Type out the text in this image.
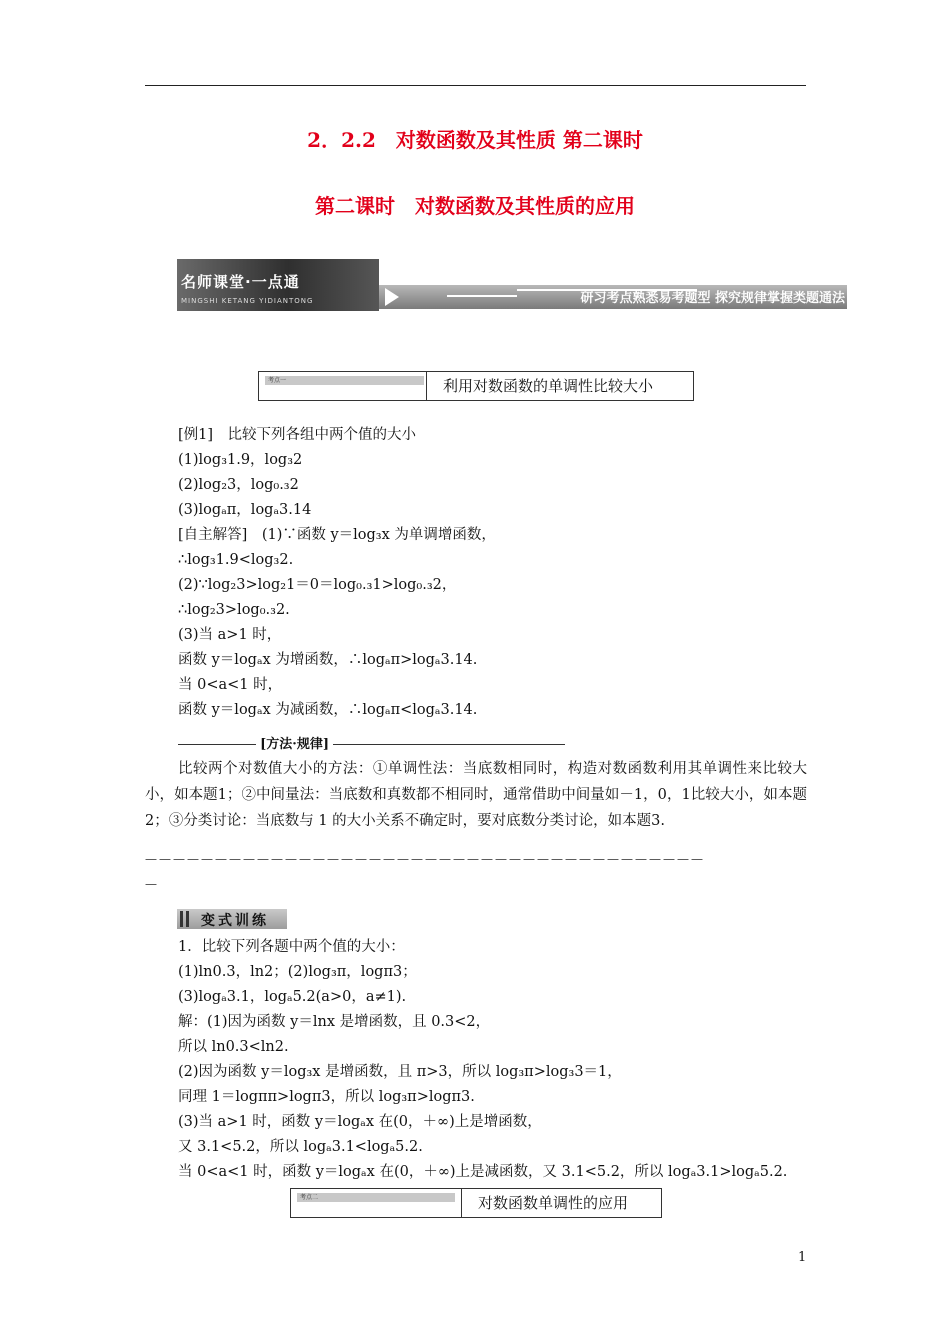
2．2.2　对数函数及其性质 第二课时
第二课时　对数函数及其性质的应用
名师课堂·一点通
MINGSHI KETANG YIDIANTONG	研习考点熟悉易考题型 探究规律掌握类题通法
考点一	利用对数函数的单调性比较大小
[例1]　比较下列各组中两个值的大小
(1)log₃1.9，log₃2
(2)log₂3，log₀.₃2
(3)logₐπ，logₐ3.14
[自主解答]　(1)∵函数 y＝log₃x 为单调增函数，
∴log₃1.9<log₃2.
(2)∵log₂3>log₂1＝0＝log₀.₃1>log₀.₃2，
∴log₂3>log₀.₃2.
(3)当 a>1 时，
函数 y＝logₐx 为增函数，∴logₐπ>logₐ3.14.
当 0<a<1 时，
函数 y＝logₐx 为减函数，∴logₐπ<logₐ3.14.
[方法·规律]
比较两个对数值大小的方法：①单调性法：当底数相同时，构造对数函数利用其单调性来比较大小，如本题1；②中间量法：当底数和真数都不相同时，通常借助中间量如－1，0，1比较大小，如本题2；③分类讨论：当底数与 1 的大小关系不确定时，要对底数分类讨论，如本题3.
————————————————————————————————————————
—
变式训练
1．比较下列各题中两个值的大小：
(1)ln0.3，ln2；(2)log₃π，logπ3；
(3)logₐ3.1，logₐ5.2(a>0，a≠1).
解：(1)因为函数 y＝lnx 是增函数，且 0.3<2，
所以 ln0.3<ln2.
(2)因为函数 y＝log₃x 是增函数，且 π>3，所以 log₃π>log₃3＝1，
同理 1＝logππ>logπ3，所以 log₃π>logπ3.
(3)当 a>1 时，函数 y＝logₐx 在(0，＋∞)上是增函数，
又 3.1<5.2，所以 logₐ3.1<logₐ5.2.
当 0<a<1 时，函数 y＝logₐx 在(0，＋∞)上是减函数，又 3.1<5.2，所以 logₐ3.1>logₐ5.2.
考点二	对数函数单调性的应用
1
